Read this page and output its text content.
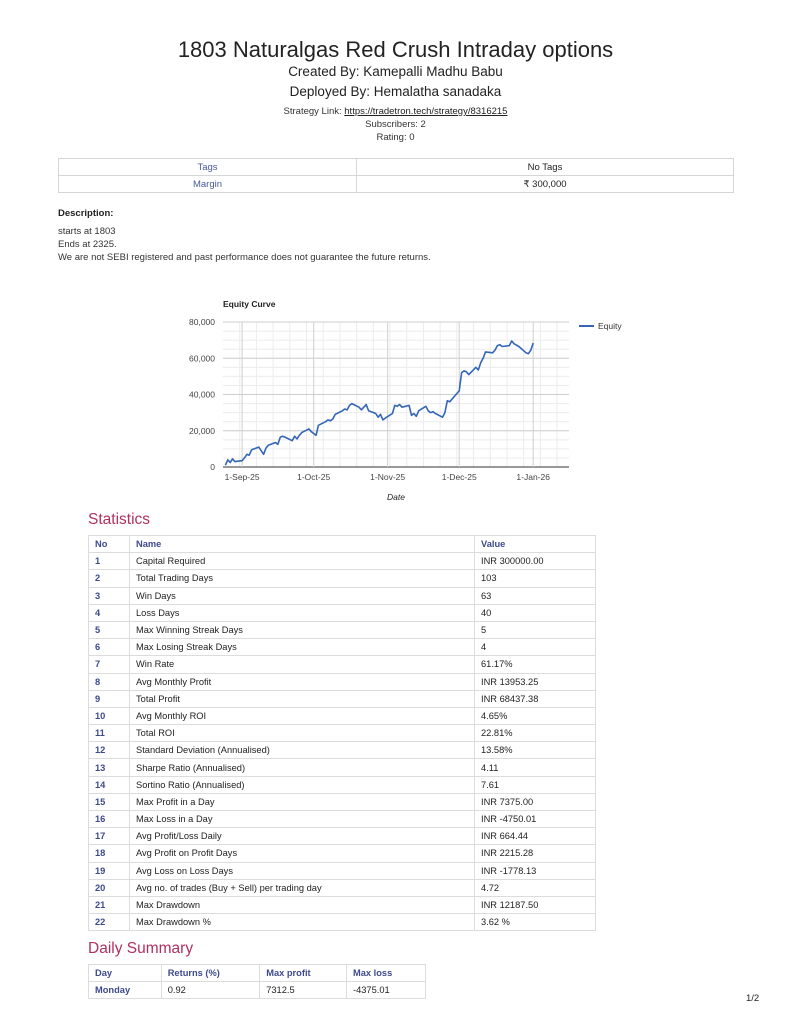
1803 Naturalgas Red Crush Intraday options
Created By: Kamepalli Madhu Babu
Deployed By: Hemalatha sanadaka
Strategy Link: https://tradetron.tech/strategy/8316215
Subscribers: 2
Rating: 0
Tags	No Tags
Margin	₹ 300,000
Description:
starts at 1803
Ends at 2325.
We are not SEBI registered and past performance does not guarantee the future returns.
0
20,000
40,000
60,000
80,000
1-Sep-25	1-Oct-25	1-Nov-25	1-Dec-25	1-Jan-26
Equity Curve
Date
Equity
Statistics
No	Name	Value
1	Capital Required	INR 300000.00
2	Total Trading Days	103
3	Win Days	63
4	Loss Days	40
5	Max Winning Streak Days	5
6	Max Losing Streak Days	4
7	Win Rate	61.17%
8	Avg Monthly Profit	INR 13953.25
9	Total Profit	INR 68437.38
10	Avg Monthly ROI	4.65%
11	Total ROI	22.81%
12	Standard Deviation (Annualised)	13.58%
13	Sharpe Ratio (Annualised)	4.11
14	Sortino Ratio (Annualised)	7.61
15	Max Profit in a Day	INR 7375.00
16	Max Loss in a Day	INR -4750.01
17	Avg Profit/Loss Daily	INR 664.44
18	Avg Profit on Profit Days	INR 2215.28
19	Avg Loss on Loss Days	INR -1778.13
20	Avg no. of trades (Buy + Sell) per trading day	4.72
21	Max Drawdown	INR 12187.50
22	Max Drawdown %	3.62 %
Daily Summary
Day	Returns (%)	Max profit	Max loss
Monday	0.92	7312.5	-4375.01
1/2
